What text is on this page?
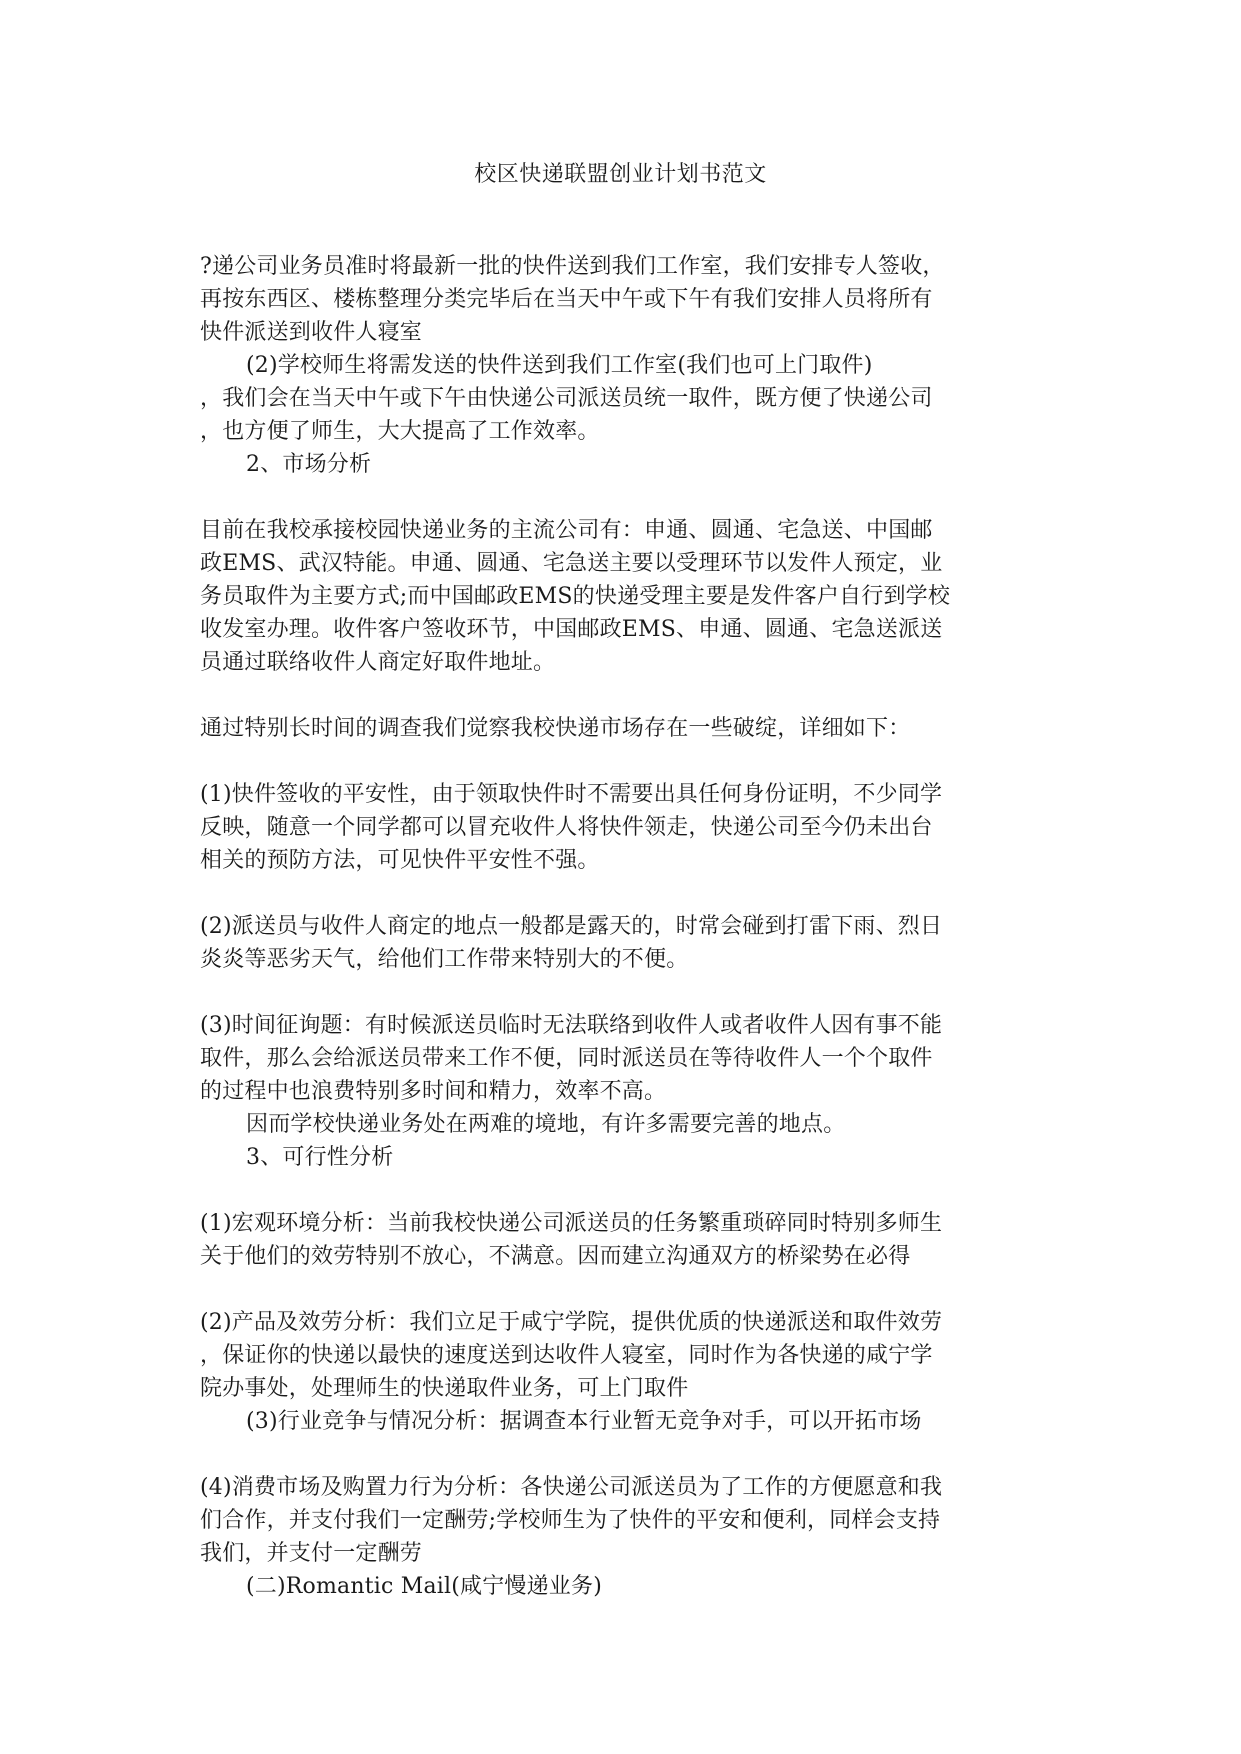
校区快递联盟创业计划书范文
?递公司业务员准时将最新一批的快件送到我们工作室，我们安排专人签收，
再按东西区、楼栋整理分类完毕后在当天中午或下午有我们安排人员将所有
快件派送到收件人寝室
(2)学校师生将需发送的快件送到我们工作室(我们也可上门取件)
，我们会在当天中午或下午由快递公司派送员统一取件，既方便了快递公司
，也方便了师生，大大提高了工作效率。
2、市场分析
目前在我校承接校园快递业务的主流公司有：申通、圆通、宅急送、中国邮
政EMS、武汉特能。申通、圆通、宅急送主要以受理环节以发件人预定，业
务员取件为主要方式;而中国邮政EMS的快递受理主要是发件客户自行到学校
收发室办理。收件客户签收环节，中国邮政EMS、申通、圆通、宅急送派送
员通过联络收件人商定好取件地址。
通过特别长时间的调查我们觉察我校快递市场存在一些破绽，详细如下：
(1)快件签收的平安性，由于领取快件时不需要出具任何身份证明，不少同学
反映，随意一个同学都可以冒充收件人将快件领走，快递公司至今仍未出台
相关的预防方法，可见快件平安性不强。
(2)派送员与收件人商定的地点一般都是露天的，时常会碰到打雷下雨、烈日
炎炎等恶劣天气，给他们工作带来特别大的不便。
(3)时间征询题：有时候派送员临时无法联络到收件人或者收件人因有事不能
取件，那么会给派送员带来工作不便，同时派送员在等待收件人一个个取件
的过程中也浪费特别多时间和精力，效率不高。
因而学校快递业务处在两难的境地，有许多需要完善的地点。
3、可行性分析
(1)宏观环境分析：当前我校快递公司派送员的任务繁重琐碎同时特别多师生
关于他们的效劳特别不放心，不满意。因而建立沟通双方的桥梁势在必得
(2)产品及效劳分析：我们立足于咸宁学院，提供优质的快递派送和取件效劳
，保证你的快递以最快的速度送到达收件人寝室，同时作为各快递的咸宁学
院办事处，处理师生的快递取件业务，可上门取件
(3)行业竞争与情况分析：据调查本行业暂无竞争对手，可以开拓市场
(4)消费市场及购置力行为分析：各快递公司派送员为了工作的方便愿意和我
们合作，并支付我们一定酬劳;学校师生为了快件的平安和便利，同样会支持
我们，并支付一定酬劳
(二)Romantic Mail(咸宁慢递业务)
